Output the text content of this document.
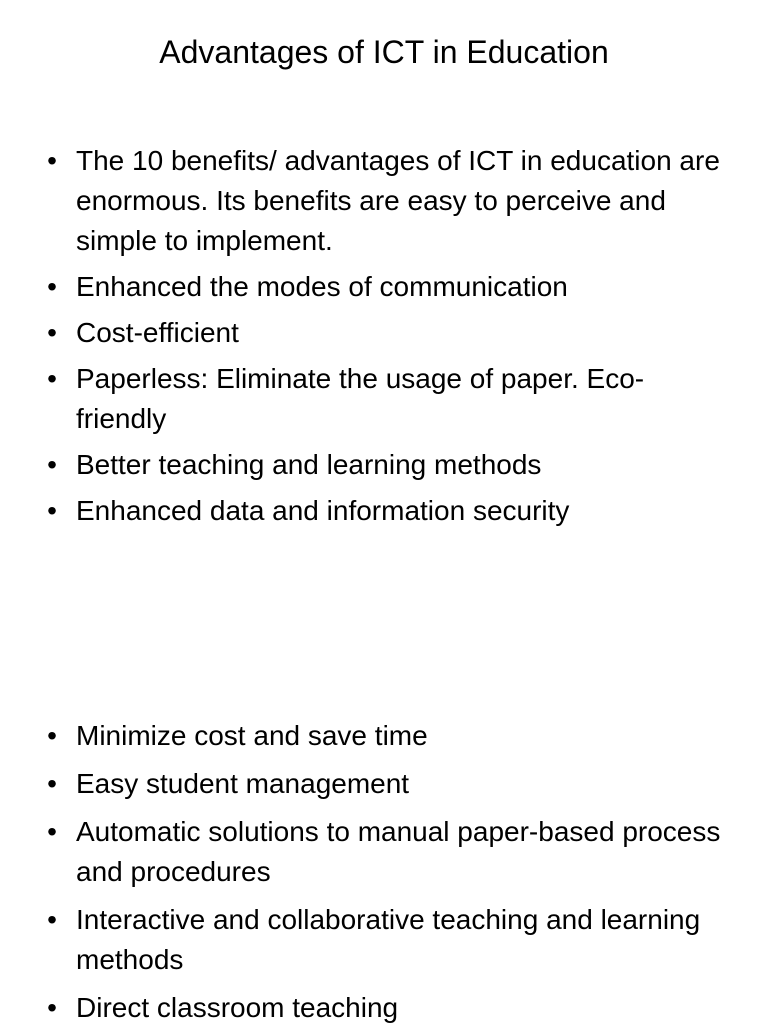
Advantages of ICT in Education
• The 10 benefits/ advantages of ICT in education are enormous. Its benefits are easy to perceive and simple to implement.
• Enhanced the modes of communication
• Cost-efficient
• Paperless: Eliminate the usage of paper. Eco-friendly
• Better teaching and learning methods
• Enhanced data and information security
• Minimize cost and save time
• Easy student management
• Automatic solutions to manual paper-based process and procedures
• Interactive and collaborative teaching and learning methods
• Direct classroom teaching
